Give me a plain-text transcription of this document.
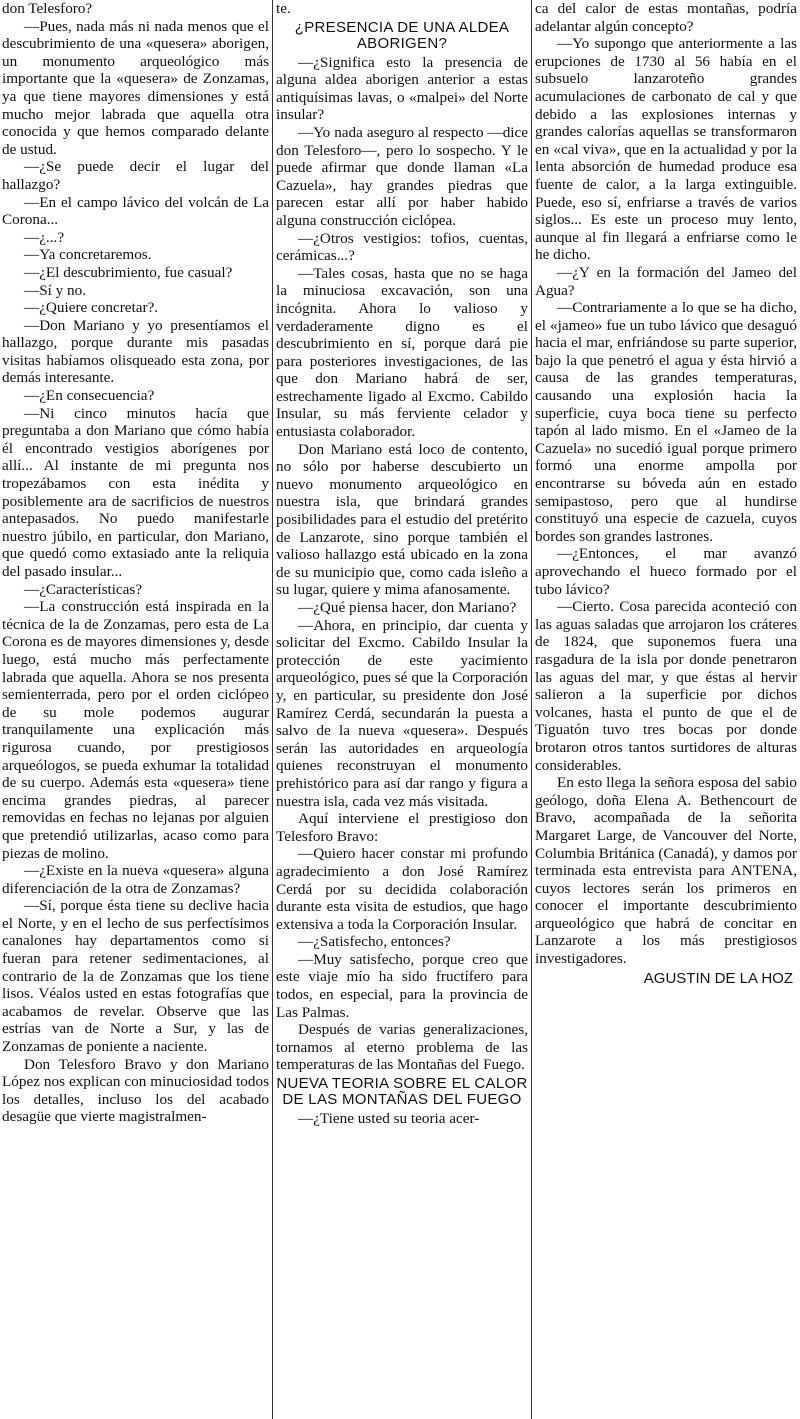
don Telesforo?

—Pues, nada más ni nada menos que el descubrimiento de una «quesera» aborigen, un monumento arqueológico más importante que la «quesera» de Zonzamas, ya que tiene mayores dimensiones y está mucho mejor labrada que aquella otra conocida y que hemos comparado delante de ustud.

—¿Se puede decir el lugar del hallazgo?

—En el campo lávico del volcán de La Corona...

—¿...?

—Ya concretaremos.

—¿El descubrimiento, fue casual?

—Sí y no.

—¿Quiere concretar?.

—Don Mariano y yo presentíamos el hallazgo, porque durante mis pasadas visitas habíamos olisqueado esta zona, por demás interesante.

—¿En consecuencia?

—Ni cinco minutos hacía que preguntaba a don Mariano que cómo había él encontrado vestigios aborígenes por allí... Al instante de mi pregunta nos tropezábamos con esta inédita y posiblemente ara de sacrificios de nuestros antepasados. No puedo manifestarle nuestro júbilo, en particular, don Mariano, que quedó como extasiado ante la reliquia del pasado insular...

—¿Características?

—La construcción está inspirada en la técnica de la de Zonzamas, pero esta de La Corona es de mayores dimensiones y, desde luego, está mucho más perfectamente labrada que aquella. Ahora se nos presenta semienterrada, pero por el orden ciclópeo de su mole podemos augurar tranquilamente una explicación más rigurosa cuando, por prestigiosos arqueólogos, se pueda exhumar la totalidad de su cuerpo. Además esta «quesera» tiene encima grandes piedras, al parecer removidas en fechas no lejanas por alguien que pretendió utilizarlas, acaso como para piezas de molino.

—¿Existe en la nueva «quesera» alguna diferenciación de la otra de Zonzamas?

—Sí, porque ésta tiene su declive hacia el Norte, y en el lecho de sus perfectísimos canalones hay departamentos como si fueran para retener sedimentaciones, al contrario de la de Zonzamas que los tiene lisos. Véalos usted en estas fotografías que acabamos de revelar. Observe que las estrías van de Norte a Sur, y las de Zonzamas de poniente a naciente.

Don Telesforo Bravo y don Mariano López nos explican con minuciosidad todos los detalles, incluso los del acabado desagüe que vierte magistralmen-

te.

¿PRESENCIA DE UNA ALDEA ABORIGEN?

—¿Significa esto la presencia de alguna aldea aborigen anterior a estas antiquísimas lavas, o «malpei» del Norte insular?

—Yo nada aseguro al respecto —dice don Telesforo—, pero lo sospecho. Y le puede afirmar que donde llaman «La Cazuela», hay grandes piedras que parecen estar allí por haber habido alguna construcción ciclópea.

—¿Otros vestigios: tofios, cuentas, cerámicas...?

—Tales cosas, hasta que no se haga la minuciosa excavación, son una incógnita. Ahora lo valioso y verdaderamente digno es el descubrimiento en sí, porque dará pie para posteriores investigaciones, de las que don Mariano habrá de ser, estrechamente ligado al Excmo. Cabildo Insular, su más ferviente celador y entusiasta colaborador.

Don Mariano está loco de contento, no sólo por haberse descubierto un nuevo monumento arqueológico en nuestra isla, que brindará grandes posibilidades para el estudio del pretérito de Lanzarote, sino porque también el valioso hallazgo está ubicado en la zona de su municipio que, como cada isleño a su lugar, quiere y mima afanosamente.

—¿Qué piensa hacer, don Mariano?

—Ahora, en principio, dar cuenta y solicitar del Excmo. Cabildo Insular la protección de este yacimiento arqueológico, pues sé que la Corporación y, en particular, su presidente don José Ramírez Cerdá, secundarán la puesta a salvo de la nueva «quesera». Después serán las autoridades en arqueología quienes reconstruyan el monumento prehistórico para así dar rango y figura a nuestra isla, cada vez más visitada.

Aquí interviene el prestigioso don Telesforo Bravo:

—Quiero hacer constar mi profundo agradecimiento a don José Ramírez Cerdá por su decidida colaboración durante esta visita de estudios, que hago extensiva a toda la Corporación Insular.

—¿Satisfecho, entonces?

—Muy satisfecho, porque creo que este viaje mío ha sido fructífero para todos, en especial, para la provincia de Las Palmas.

Después de varias generalizaciones, tornamos al eterno problema de las temperaturas de las Montañas del Fuego.

NUEVA TEORIA SOBRE EL CALOR DE LAS MONTAÑAS DEL FUEGO

—¿Tiene usted su teoria acer-

ca del calor de estas montañas, podría adelantar algún concepto?

—Yo supongo que anteriormente a las erupciones de 1730 al 56 había en el subsuelo lanzaroteño grandes acumulaciones de carbonato de cal y que debido a las explosiones internas y grandes calorías aquellas se transformaron en «cal viva», que en la actualidad y por la lenta absorción de humedad produce esa fuente de calor, a la larga extinguible. Puede, eso sí, enfriarse a través de varios siglos... Es este un proceso muy lento, aunque al fin llegará a enfriarse como le he dicho.

—¿Y en la formación del Jameo del Agua?

—Contrariamente a lo que se ha dicho, el «jameo» fue un tubo lávico que desaguó hacia el mar, enfriándose su parte superior, bajo la que penetró el agua y ésta hirvió a causa de las grandes temperaturas, causando una explosión hacia la superficie, cuya boca tiene su perfecto tapón al lado mismo. En el «Jameo de la Cazuela» no sucedió igual porque primero formó una enorme ampolla por encontrarse su bóveda aún en estado semipastoso, pero que al hundirse constituyó una especie de cazuela, cuyos bordes son grandes lastrones.

—¿Entonces, el mar avanzó aprovechando el hueco formado por el tubo lávico?

—Cierto. Cosa parecida aconteció con las aguas saladas que arrojaron los cráteres de 1824, que suponemos fuera una rasgadura de la isla por donde penetraron las aguas del mar, y que éstas al hervir salieron a la superficie por dichos volcanes, hasta el punto de que el de Tiguatón tuvo tres bocas por donde brotaron otros tantos surtidores de alturas considerables.

En esto llega la señora esposa del sabio geólogo, doña Elena A. Bethencourt de Bravo, acompañada de la señorita Margaret Large, de Vancouver del Norte, Columbia Británica (Canadá), y damos por terminada esta entrevista para ANTENA, cuyos lectores serán los primeros en conocer el importante descubrimiento arqueológico que habrá de concitar en Lanzarote a los más prestigiosos investigadores.

AGUSTIN DE LA HOZ
